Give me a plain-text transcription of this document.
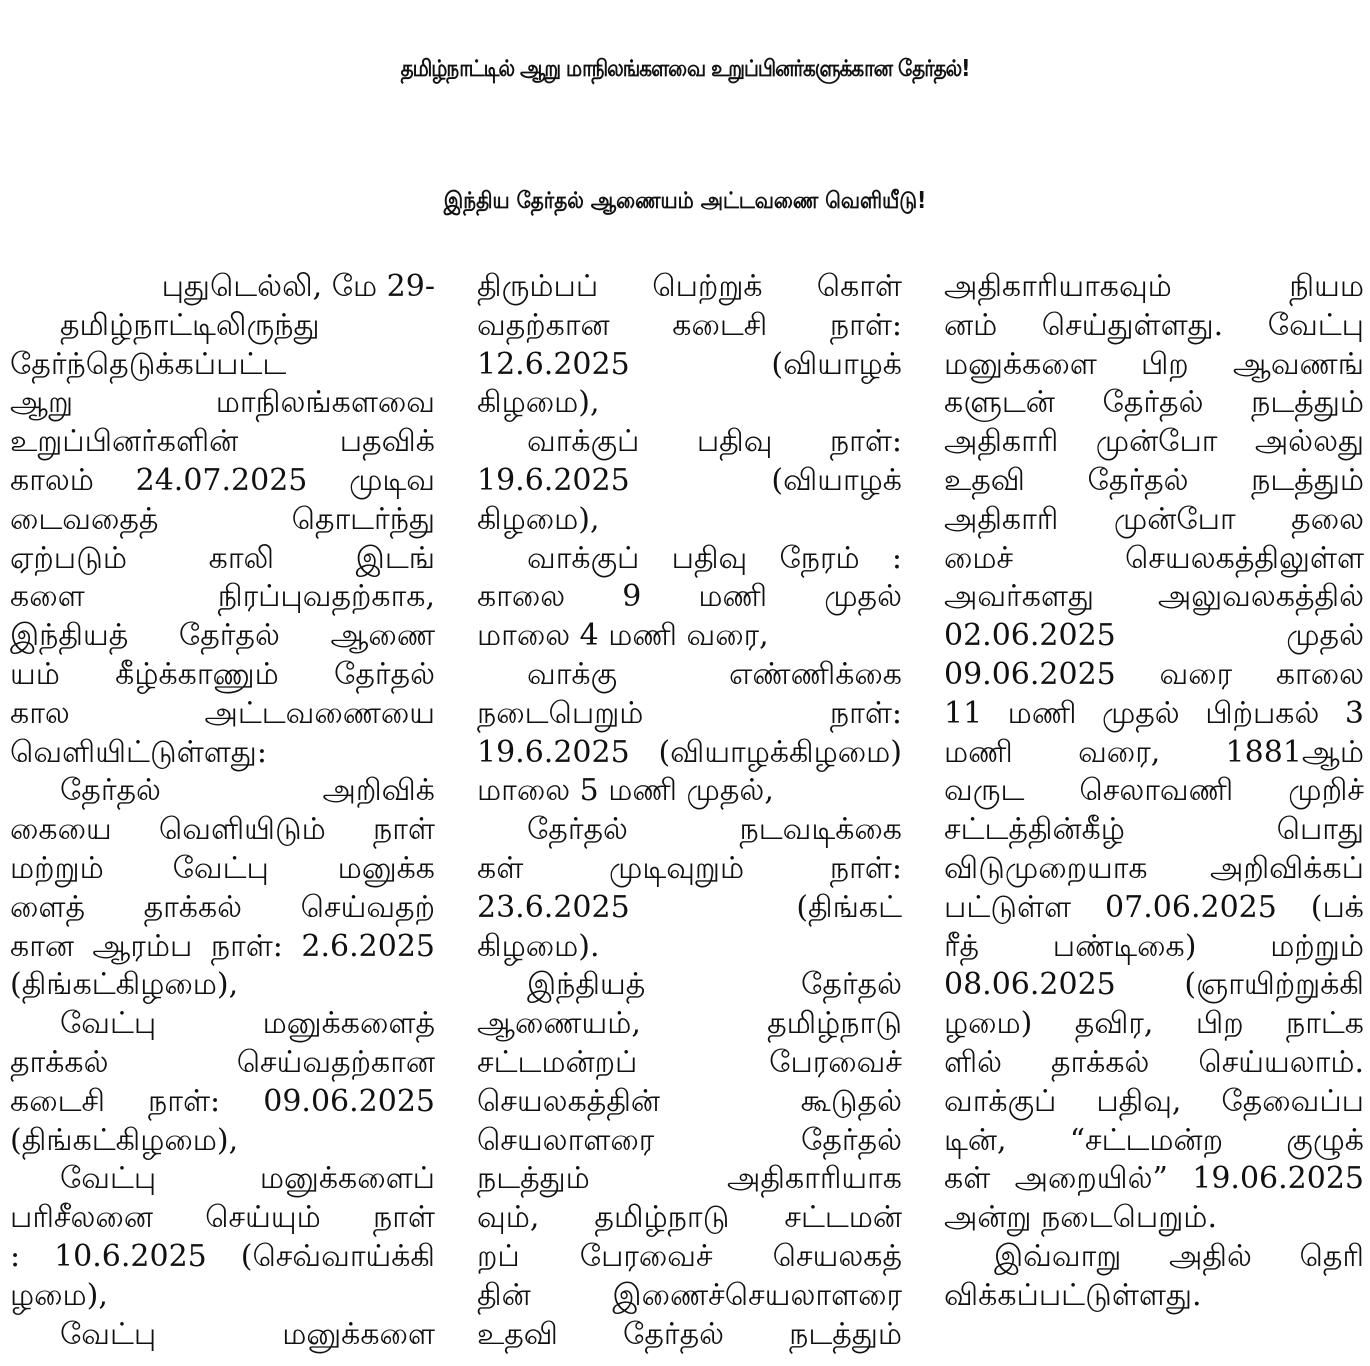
தமிழ்நாட்டில் ஆறு மாநிலங்களவை உறுப்பினர்களுக்கான தேர்தல்!
இந்திய தேர்தல் ஆணையம் அட்டவணை வெளியீடு!
புதுடெல்லி, மே 29-
தமிழ்நாட்டிலிருந்து
தேர்ந்தெடுக்கப்பட்ட
ஆறு மாநிலங்களவை
உறுப்பினர்களின் பதவிக்
காலம் 24.07.2025 முடிவ
டைவதைத் தொடர்ந்து
ஏற்படும் காலி இடங்
களை நிரப்புவதற்காக,
இந்தியத் தேர்தல் ஆணை
யம் கீழ்க்காணும் தேர்தல்
கால அட்டவணையை
வெளியிட்டுள்ளது:
தேர்தல் அறிவிக்
கையை வெளியிடும் நாள்
மற்றும் வேட்பு மனுக்க
ளைத் தாக்கல் செய்வதற்
கான ஆரம்ப நாள்: 2.6.2025
(திங்கட்கிழமை),
வேட்பு மனுக்களைத்
தாக்கல் செய்வதற்கான
கடைசி நாள்: 09.06.2025
(திங்கட்கிழமை),
வேட்பு மனுக்களைப்
பரிசீலனை செய்யும் நாள்
: 10.6.2025 (செவ்வாய்க்கி
ழமை),
வேட்பு மனுக்களை
திரும்பப் பெற்றுக் கொள்
வதற்கான கடைசி நாள்:
12.6.2025 (வியாழக்
கிழமை),
வாக்குப் பதிவு நாள்:
19.6.2025 (வியாழக்
கிழமை),
வாக்குப் பதிவு நேரம் :
காலை 9 மணி முதல்
மாலை 4 மணி வரை,
வாக்கு எண்ணிக்கை
நடைபெறும் நாள்:
19.6.2025 (வியாழக்கிழமை)
மாலை 5 மணி முதல்,
தேர்தல் நடவடிக்கை
கள் முடிவுறும் நாள்:
23.6.2025 (திங்கட்
கிழமை).
இந்தியத் தேர்தல்
ஆணையம், தமிழ்நாடு
சட்டமன்றப் பேரவைச்
செயலகத்தின் கூடுதல்
செயலாளரை தேர்தல்
நடத்தும் அதிகாரியாக
வும், தமிழ்நாடு சட்டமன்
றப் பேரவைச் செயலகத்
தின் இணைச்செயலாளரை
உதவி தேர்தல் நடத்தும்
அதிகாரியாகவும் நியம
னம் செய்துள்ளது. வேட்பு
மனுக்களை பிற ஆவணங்
களுடன் தேர்தல் நடத்தும்
அதிகாரி முன்போ அல்லது
உதவி தேர்தல் நடத்தும்
அதிகாரி முன்போ தலை
மைச் செயலகத்திலுள்ள
அவர்களது அலுவலகத்தில்
02.06.2025 முதல்
09.06.2025 வரை காலை
11 மணி முதல் பிற்பகல் 3
மணி வரை, 1881ஆம்
வருட செலாவணி முறிச்
சட்டத்தின்கீழ் பொது
விடுமுறையாக அறிவிக்கப்
பட்டுள்ள 07.06.2025 (பக்
ரீத் பண்டிகை) மற்றும்
08.06.2025 (ஞாயிற்றுக்கி
ழமை) தவிர, பிற நாட்க
ளில் தாக்கல் செய்யலாம்.
வாக்குப் பதிவு, தேவைப்ப
டின், “சட்டமன்ற குழுக்
கள் அறையில்” 19.06.2025
அன்று நடைபெறும்.
இவ்வாறு அதில் தெரி
விக்கப்பட்டுள்ளது.
